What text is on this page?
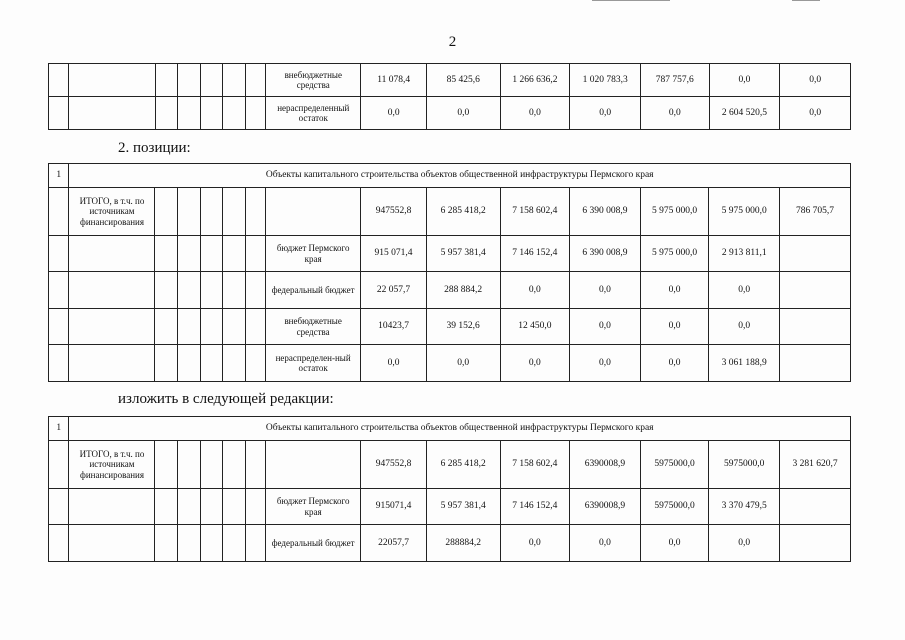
2
							внебюджетные средства	11 078,4	85 425,6	1 266 636,2	1 020 783,3	787 757,6	0,0	0,0
							нераспределенный остаток	0,0	0,0	0,0	0,0	0,0	2 604 520,5	0,0
2. позиции:
1	Объекты капитального строительства объектов общественной инфраструктуры Пермского края													
	ИТОГО, в т.ч. по источникам финансирования							947552,8	6 285 418,2	7 158 602,4	6 390 008,9	5 975 000,0	5 975 000,0	786 705,7
							бюджет Пермского края	915 071,4	5 957 381,4	7 146 152,4	6 390 008,9	5 975 000,0	2 913 811,1	
							федеральный бюджет	22 057,7	288 884,2	0,0	0,0	0,0	0,0	
							внебюджетные средства	10423,7	39 152,6	12 450,0	0,0	0,0	0,0	
							нераспределен-ный остаток	0,0	0,0	0,0	0,0	0,0	3 061 188,9	
изложить в следующей редакции:
1	Объекты капитального строительства объектов общественной инфраструктуры Пермского края													
	ИТОГО, в т.ч. по источникам финансирования							947552,8	6 285 418,2	7 158 602,4	6390008,9	5975000,0	5975000,0	3 281 620,7
							бюджет Пермского края	915071,4	5 957 381,4	7 146 152,4	6390008,9	5975000,0	3 370 479,5	
							федеральный бюджет	22057,7	288884,2	0,0	0,0	0,0	0,0	
